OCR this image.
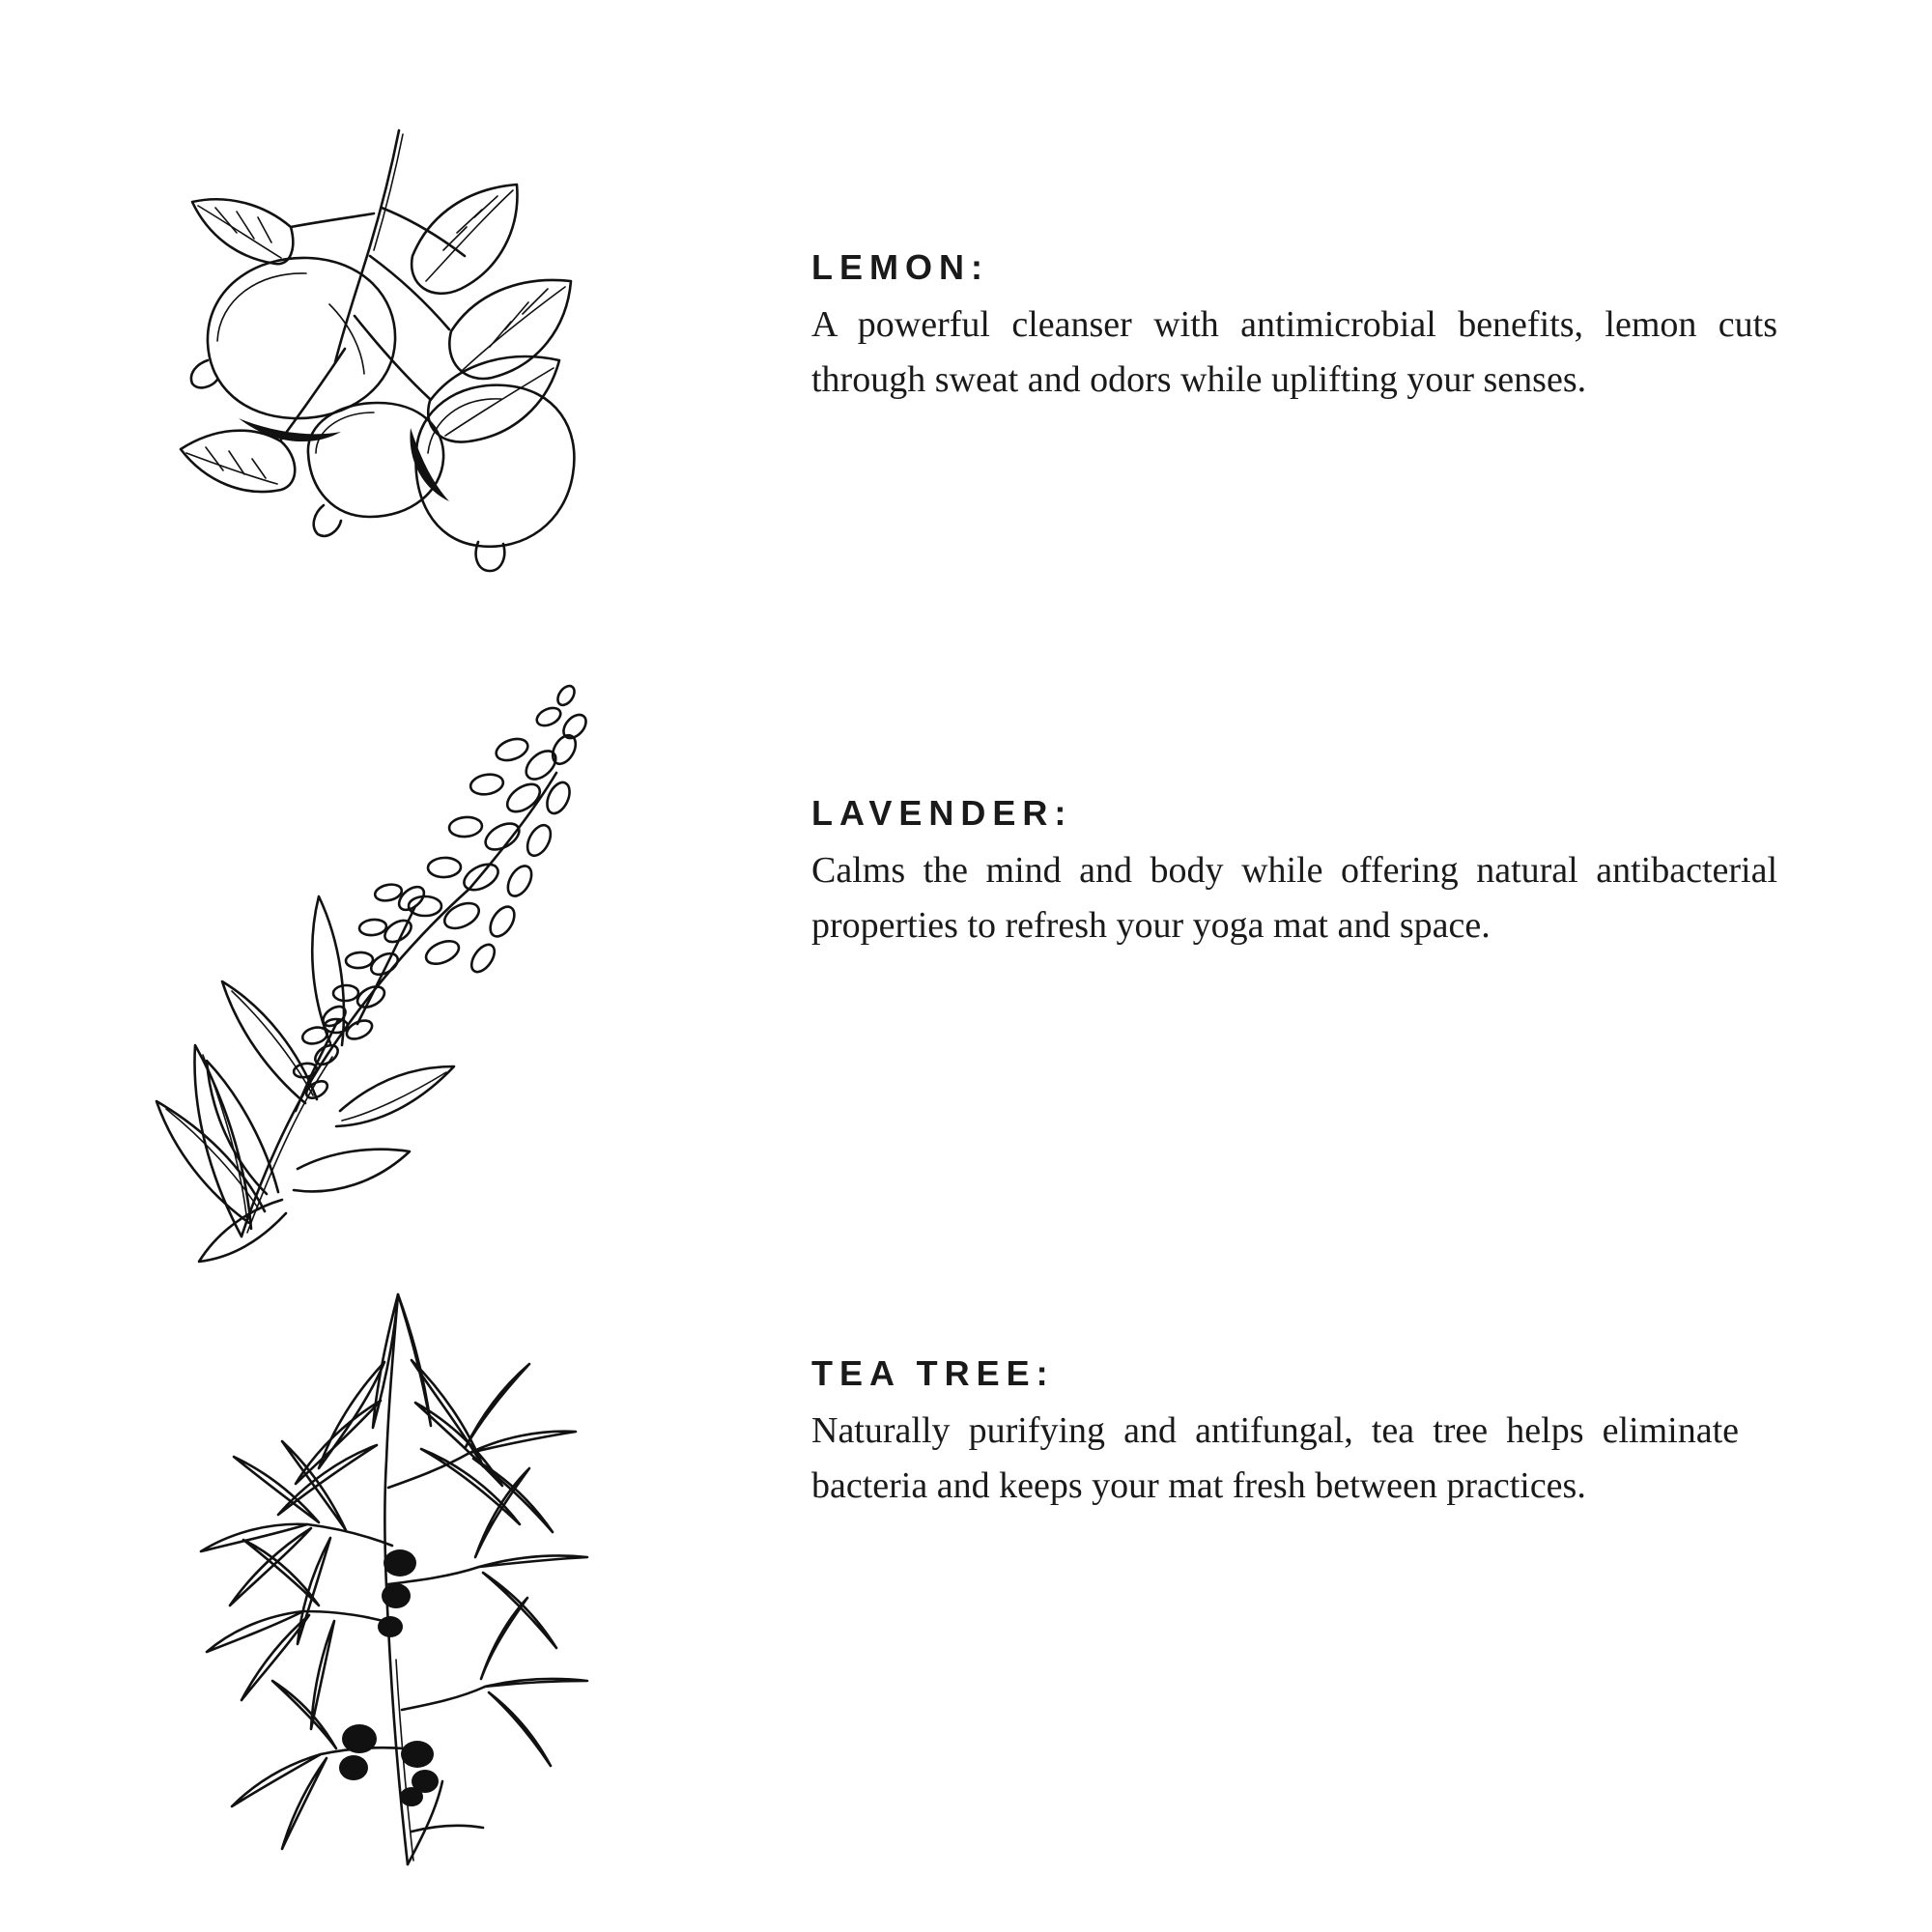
LEMON:

A powerful cleanser with antimicrobial benefits, lemon cuts through sweat and odors while uplifting your senses.

LAVENDER:

Calms the mind and body while offering natural antibacterial properties to refresh your yoga mat and space.

TEA TREE:

Naturally purifying and antifungal, tea tree helps eliminate bacteria and keeps your mat fresh between practices.
